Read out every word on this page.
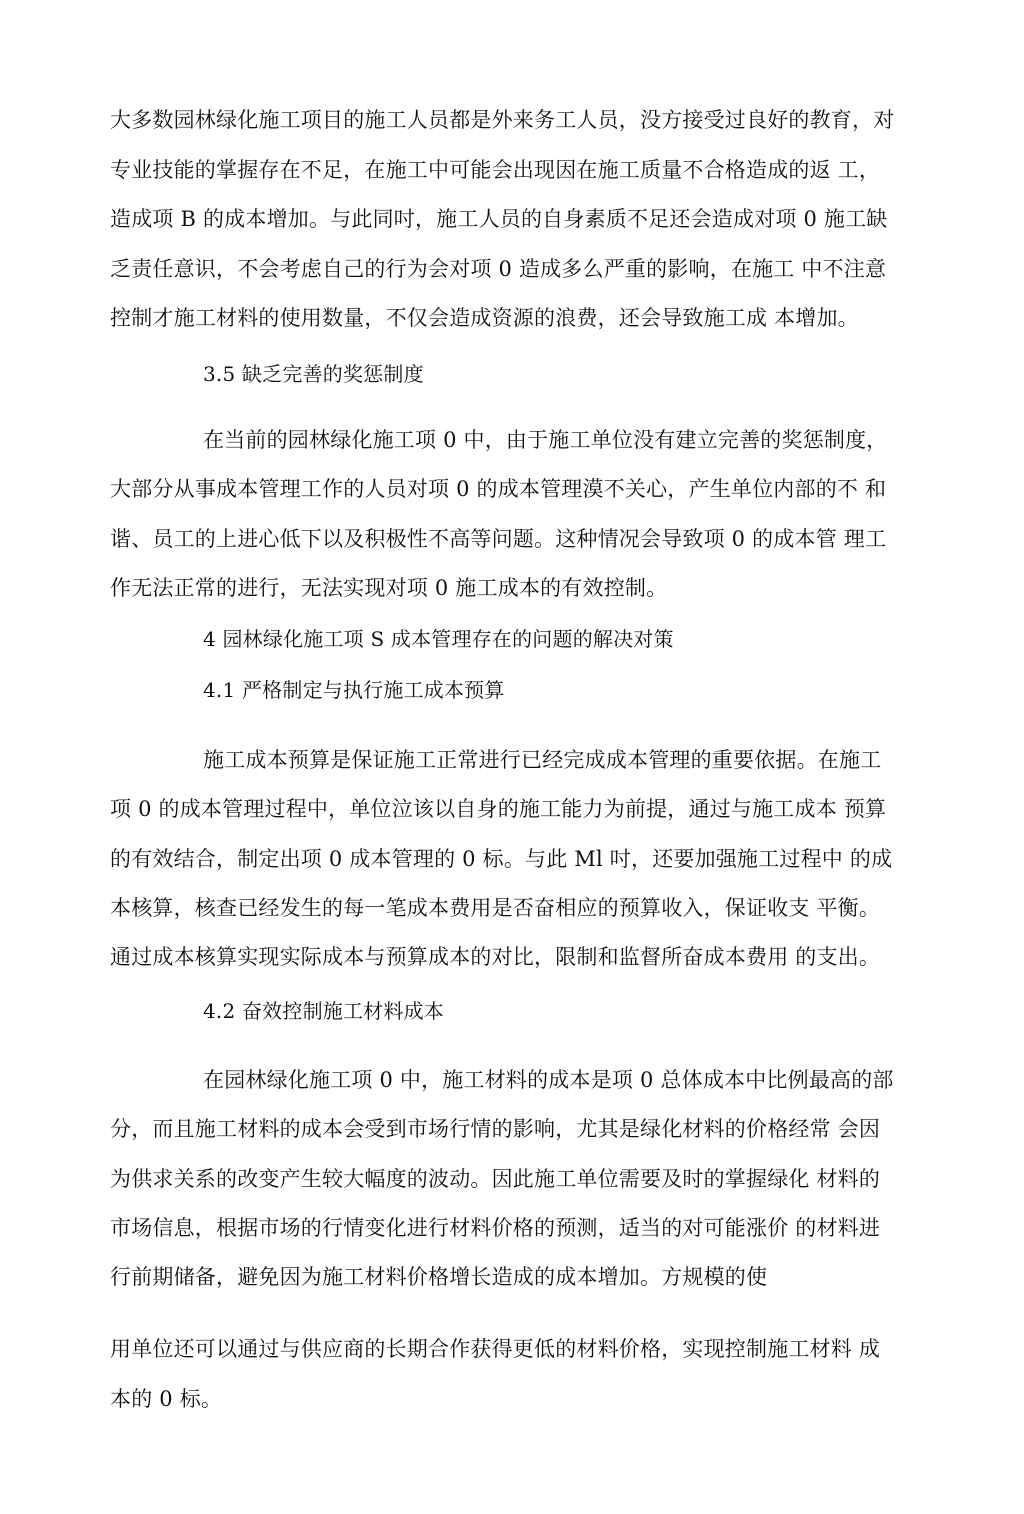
大多数园林绿化施工项目的施工人员都是外来务工人员，没方接受过良好的教育，对
专业技能的掌握存在不足，在施工中可能会出现因在施工质量不合格造成的返 工，
造成项 B 的成本增加。与此同吋，施工人员的自身素质不足还会造成对项 0 施工缺
乏责任意识，不会考虑自己的行为会对项 0 造成多么严重的影响，在施工 中不注意
控制才施工材料的使用数量，不仅会造成资源的浪费，还会导致施工成 本增加。
3.5 缺乏完善的奖惩制度
在当前的园林绿化施工项 0 中，由于施工单位没有建立完善的奖惩制度，
大部分从事成本管理工作的人员对项 0 的成本管理漠不关心，产生单位内部的不 和
谐、员工的上进心低下以及积极性不高等问题。这种情况会导致项 0 的成本管 理工
作无法正常的进行，无法实现对项 0 施工成本的有效控制。
4 园林绿化施工项 S 成本管理存在的问题的解决对策
4.1 严格制定与执行施工成本预算
施工成本预算是保证施工正常进行已经完成成本管理的重要依据。在施工
项 0 的成本管理过程中，单位泣该以自身的施工能力为前提，通过与施工成本 预算
的有效结合，制定出项 0 成本管理的 0 标。与此 Ml 吋，还要加强施工过程中 的成
本核算，核查已经发生的每一笔成本费用是否奋相应的预算收入，保证收支 平衡。
通过成本核算实现实际成本与预算成本的对比，限制和监督所奋成本费用 的支出。
4.2 奋效控制施工材料成本
在园林绿化施工项 0 中，施工材料的成本是项 0 总体成本中比例最高的部
分，而且施工材料的成本会受到市场行情的影响，尤其是绿化材料的价格经常 会因
为供求关系的改变产生较大幅度的波动。因此施工单位需要及时的掌握绿化 材料的
市场信息，根据市场的行情变化进行材料价格的预测，适当的对可能涨价 的材料进
行前期储备，避免因为施工材料价格增长造成的成本增加。方规模的使
用单位还可以通过与供应商的长期合作获得更低的材料价格，实现控制施工材料 成
本的 0 标。
